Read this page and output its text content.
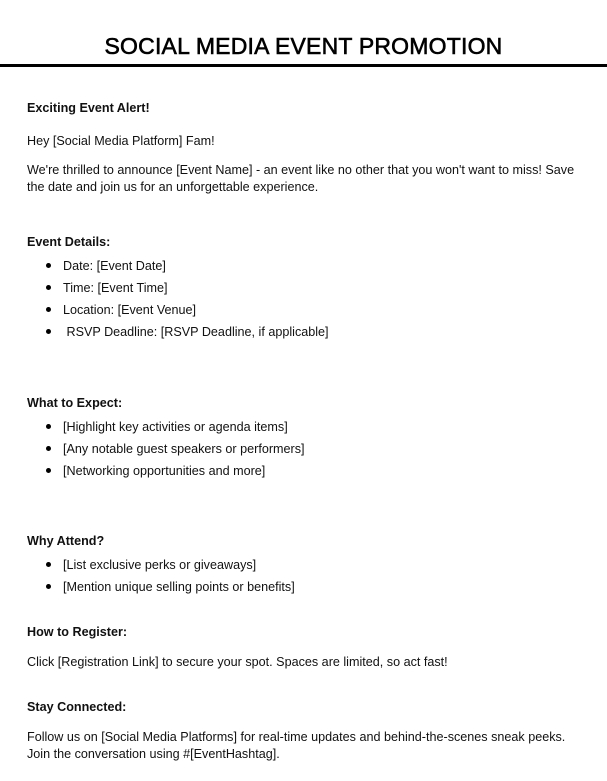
SOCIAL MEDIA EVENT PROMOTION

Exciting Event Alert!

Hey [Social Media Platform] Fam!

We're thrilled to announce [Event Name] - an event like no other that you won't want to miss! Save the date and join us for an unforgettable experience.

Event Details:

Date: [Event Date]
Time: [Event Time]
Location: [Event Venue]
RSVP Deadline: [RSVP Deadline, if applicable]

What to Expect:

[Highlight key activities or agenda items]
[Any notable guest speakers or performers]
[Networking opportunities and more]

Why Attend?

[List exclusive perks or giveaways]
[Mention unique selling points or benefits]

How to Register:

Click [Registration Link] to secure your spot. Spaces are limited, so act fast!

Stay Connected:

Follow us on [Social Media Platforms] for real-time updates and behind-the-scenes sneak peeks. Join the conversation using #[EventHashtag].
